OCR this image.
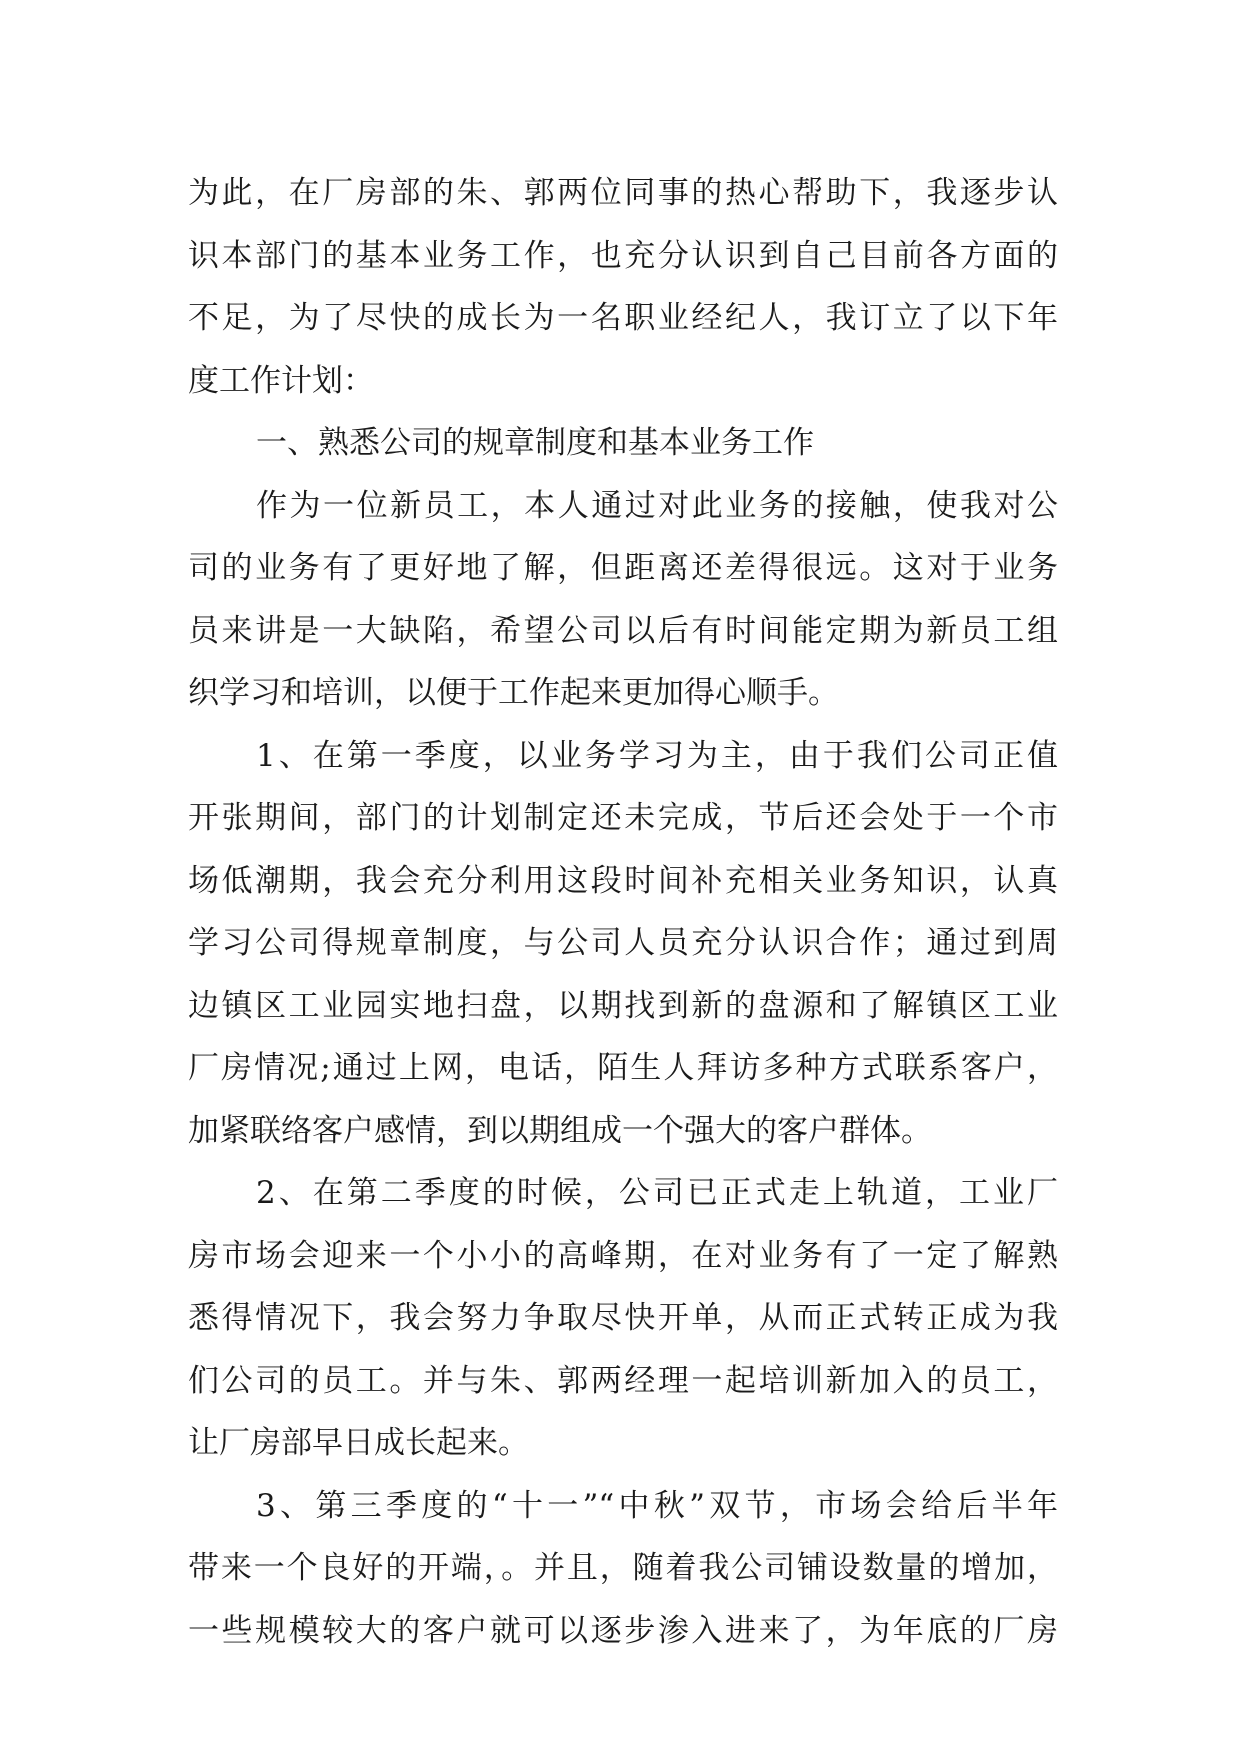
为此，在厂房部的朱、郭两位同事的热心帮助下，我逐步认
识本部门的基本业务工作，也充分认识到自己目前各方面的
不足，为了尽快的成长为一名职业经纪人，我订立了以下年
度工作计划：
一、熟悉公司的规章制度和基本业务工作
作为一位新员工，本人通过对此业务的接触，使我对公
司的业务有了更好地了解，但距离还差得很远。这对于业务
员来讲是一大缺陷，希望公司以后有时间能定期为新员工组
织学习和培训，以便于工作起来更加得心顺手。
1、在第一季度，以业务学习为主，由于我们公司正值
开张期间，部门的计划制定还未完成，节后还会处于一个市
场低潮期，我会充分利用这段时间补充相关业务知识，认真
学习公司得规章制度，与公司人员充分认识合作；通过到周
边镇区工业园实地扫盘，以期找到新的盘源和了解镇区工业
厂房情况;通过上网，电话，陌生人拜访多种方式联系客户，
加紧联络客户感情，到以期组成一个强大的客户群体。
2、在第二季度的时候，公司已正式走上轨道，工业厂
房市场会迎来一个小小的高峰期，在对业务有了一定了解熟
悉得情况下，我会努力争取尽快开单，从而正式转正成为我
们公司的员工。并与朱、郭两经理一起培训新加入的员工，
让厂房部早日成长起来。
3、第三季度的“十一”“中秋”双节，市场会给后半年
带来一个良好的开端，。并且，随着我公司铺设数量的增加，
一些规模较大的客户就可以逐步渗入进来了，为年底的厂房
